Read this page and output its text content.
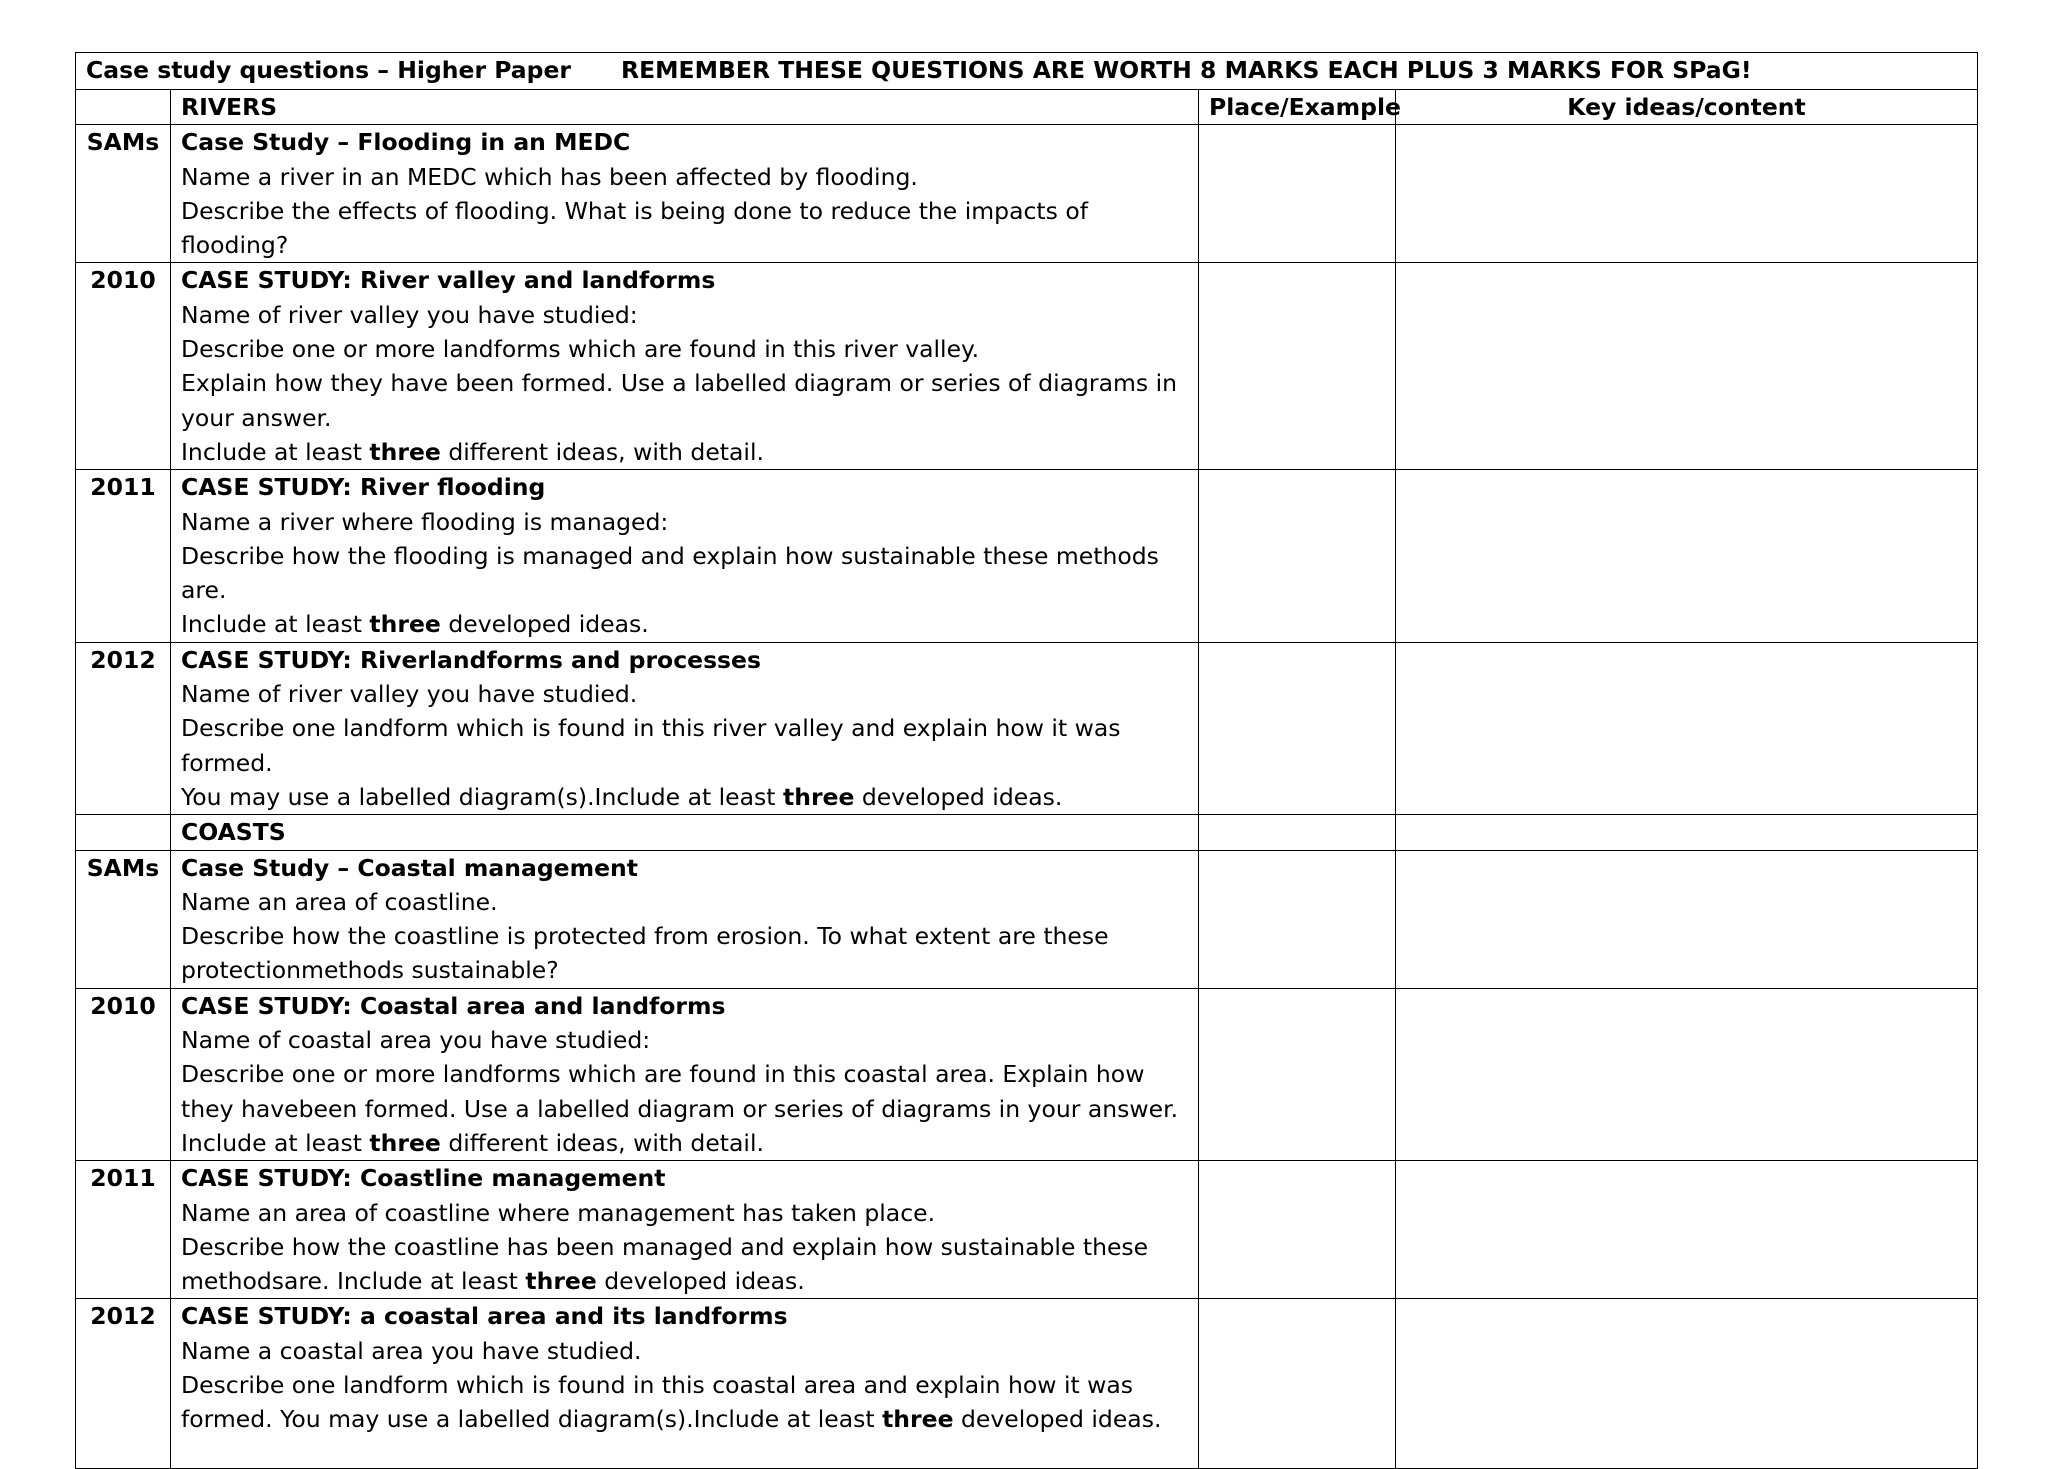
Case study questions – Higher Paper REMEMBER THESE QUESTIONS ARE WORTH 8 MARKS EACH PLUS 3 MARKS FOR SPaG!			
	RIVERS	Place/Example	Key ideas/content
SAMs	Case Study – Flooding in an MEDC
Name a river in an MEDC which has been affected by flooding.
Describe the effects of flooding. What is being done to reduce the impacts of flooding?		

2010	CASE STUDY: River valley and landforms
Name of river valley you have studied:
Describe one or more landforms which are found in this river valley.
Explain how they have been formed. Use a labelled diagram or series of diagrams in your answer.
Include at least three different ideas, with detail.		

2011	CASE STUDY: River flooding
Name a river where flooding is managed:
Describe how the flooding is managed and explain how sustainable these methods are.
Include at least three developed ideas.		

2012	CASE STUDY: Riverlandforms and processes
Name of river valley you have studied.
Describe one landform which is found in this river valley and explain how it was formed.
You may use a labelled diagram(s).Include at least three developed ideas.		

	COASTS		
SAMs	Case Study – Coastal management
Name an area of coastline.
Describe how the coastline is protected from erosion. To what extent are these protectionmethods sustainable?		

2010	CASE STUDY: Coastal area and landforms
Name of coastal area you have studied:
Describe one or more landforms which are found in this coastal area. Explain how they havebeen formed. Use a labelled diagram or series of diagrams in your answer.
Include at least three different ideas, with detail.		

2011	CASE STUDY: Coastline management
Name an area of coastline where management has taken place.
Describe how the coastline has been managed and explain how sustainable these methodsare. Include at least three developed ideas.		

2012	CASE STUDY: a coastal area and its landforms
Name a coastal area you have studied.
Describe one landform which is found in this coastal area and explain how it was formed. You may use a labelled diagram(s).Include at least three developed ideas.		
